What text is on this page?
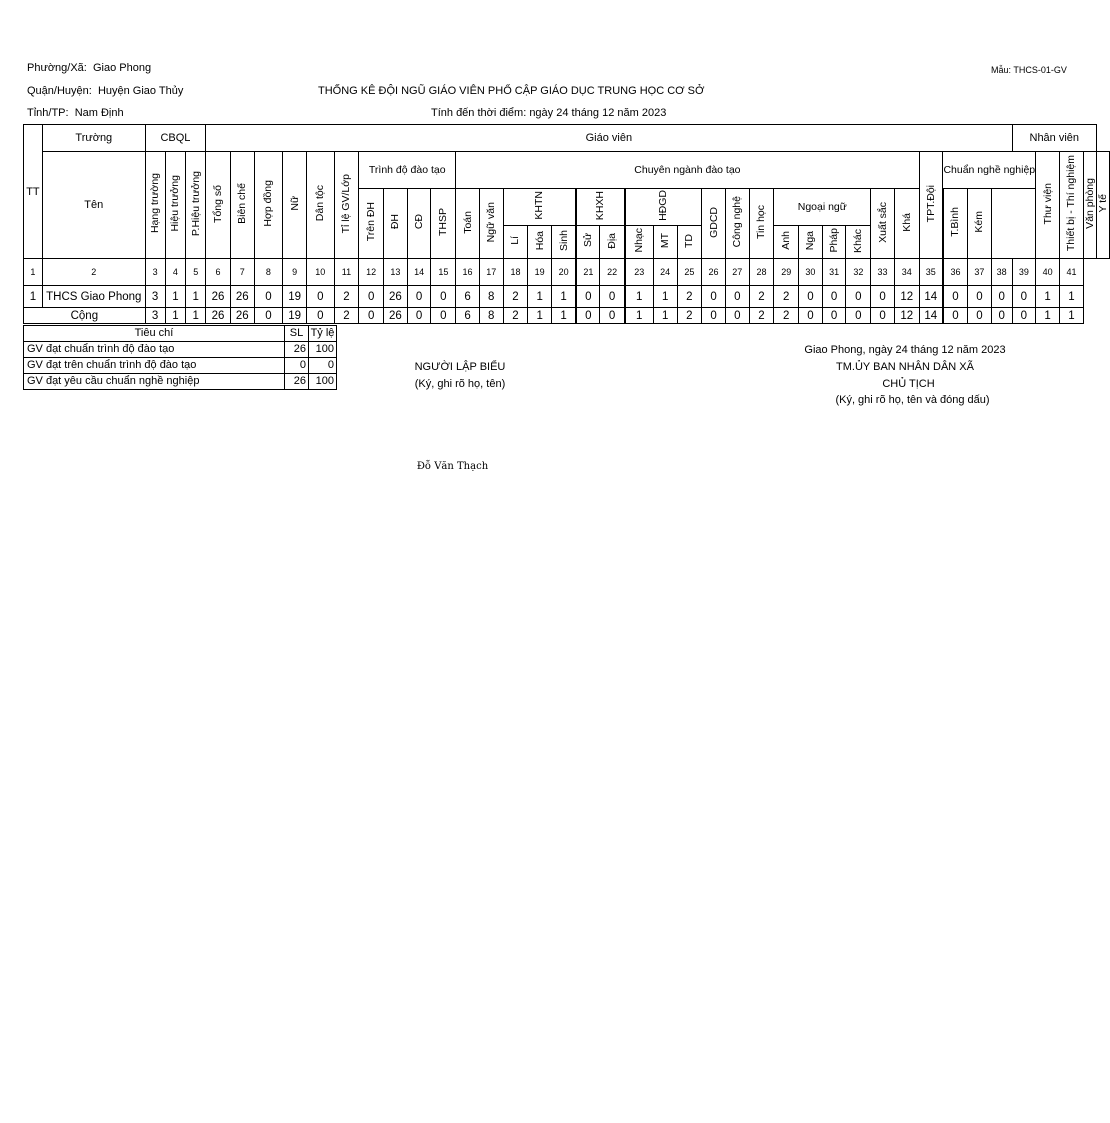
Phường/Xã: Giao Phong	Mẫu: THCS-01-GV
Quận/Huyện: Huyện Giao Thủy	THỐNG KÊ ĐỘI NGŨ GIÁO VIÊN PHỔ CẬP GIÁO DỤC TRUNG HỌC CƠ SỞ
Tỉnh/TP: Nam Định	Tính đến thời điểm: ngày 24 tháng 12 năm 2023
TT	Trường	CBQL			Giáo viên																																	Nhân viên				
	Tên	Hạng trường	Hiệu trưởng	P.Hiệu trưởng	Tổng số	Biên chế	Hợp đồng	Nữ	Dân tộc	Tỉ lệ GV/Lớp	Trình độ đào tạo				Chuyên ngành đào tạo																			TPT.Đội	Chuẩn nghề nghiệp				Thư viện	Thiết bị - Thí nghiệm	Văn phòng	Y tế
											Trên ĐH	ĐH	CĐ	THSP	Toán	Ngữ văn	KHTN			KHXH		HĐGD			GDCD	Công nghệ	Tin học	Ngoại ngữ				Xuất sắc	Khá		T.Bình	Kém						
																	Lí	Hóa	Sinh	Sử	Địa	Nhạc	MT	TD				Anh	Nga	Pháp	Khác											
1	2	3	4	5	6	7	8	9	10	11	12	13	14	15	16	17	18	19	20	21	22	23	24	25	26	27	28	29	30	31	32	33	34	35	36	37	38	39	40	41		
1	THCS Giao Phong	3	1	1	26	26	0	19	0	2	0	26	0	0	6	8	2	1	1	0	0	1	1	2	0	0	2	2	0	0	0	0	12	14	0	0	0	0	1	1		
Cộng		3	1	1	26	26	0	19	0	2	0	26	0	0	6	8	2	1	1	0	0	1	1	2	0	0	2	2	0	0	0	0	12	14	0	0	0	0	1	1		
Tiêu chí	SL	Tỷ lệ
GV đạt chuẩn trình độ đào tạo	26	100
GV đạt trên chuẩn trình độ đào tạo	0	0
GV đạt yêu cầu chuẩn nghề nghiệp	26	100
NGƯỜI LẬP BIỂU
(Ký, ghi rõ họ, tên)
Đỗ Văn Thạch
Giao Phong, ngày 24 tháng 12 năm 2023
TM.ỦY BAN NHÂN DÂN XÃ
CHỦ TỊCH
(Ký, ghi rõ họ, tên và đóng dấu)
